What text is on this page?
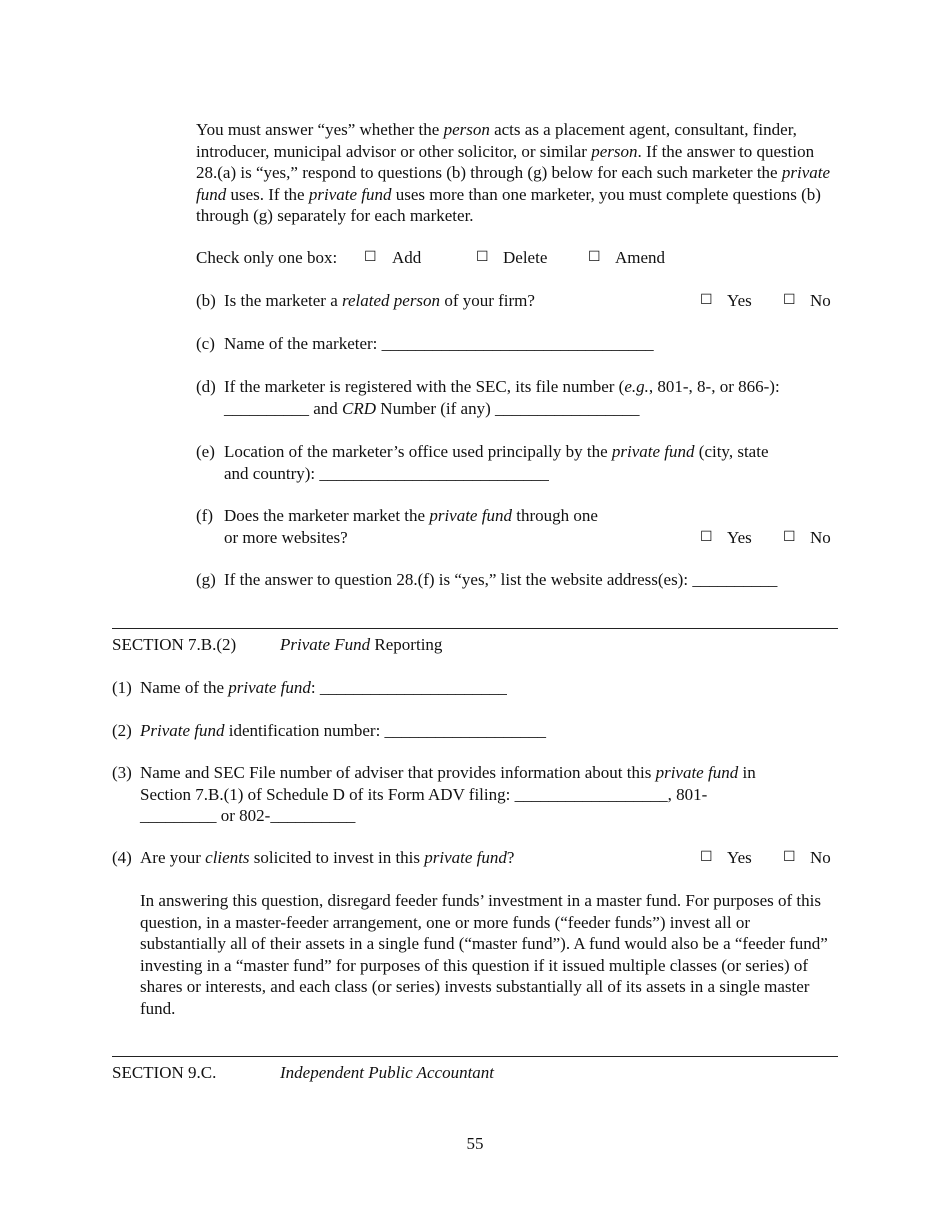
You must answer “yes” whether the person acts as a placement agent, consultant, finder, introducer, municipal advisor or other solicitor, or similar person. If the answer to question 28.(a) is “yes,” respond to questions (b) through (g) below for each such marketer the private fund uses. If the private fund uses more than one marketer, you must complete questions (b) through (g) separately for each marketer.

Check only one box: ☐ Add	☐ Delete	☐ Amend
(b) Is the marketer a related person of your firm?	☐ Yes ☐ No
(c) Name of the marketer: ________________________________
(d) If the marketer is registered with the SEC, its file number (e.g., 801-, 8-, or 866-):
__________ and CRD Number (if any) _________________
(e) Location of the marketer’s office used principally by the private fund (city, state
and country): ___________________________
(f) Does the marketer market the private fund through one
or more websites?	☐ Yes ☐ No
(g) If the answer to question 28.(f) is “yes,” list the website address(es): __________
SECTION 7.B.(2)	Private Fund Reporting
(1) Name of the private fund: ______________________
(2) Private fund identification number: ___________________
(3) Name and SEC File number of adviser that provides information about this private fund in
Section 7.B.(1) of Schedule D of its Form ADV filing: __________________, 801-
_________ or 802-__________
(4) Are your clients solicited to invest in this private fund?	☐ Yes ☐ No

In answering this question, disregard feeder funds’ investment in a master fund. For purposes of this question, in a master-feeder arrangement, one or more funds (“feeder funds”) invest all or substantially all of their assets in a single fund (“master fund”). A fund would also be a “feeder fund” investing in a “master fund” for purposes of this question if it issued multiple classes (or series) of shares or interests, and each class (or series) invests substantially all of its assets in a single master fund.

SECTION 9.C.	Independent Public Accountant
55
